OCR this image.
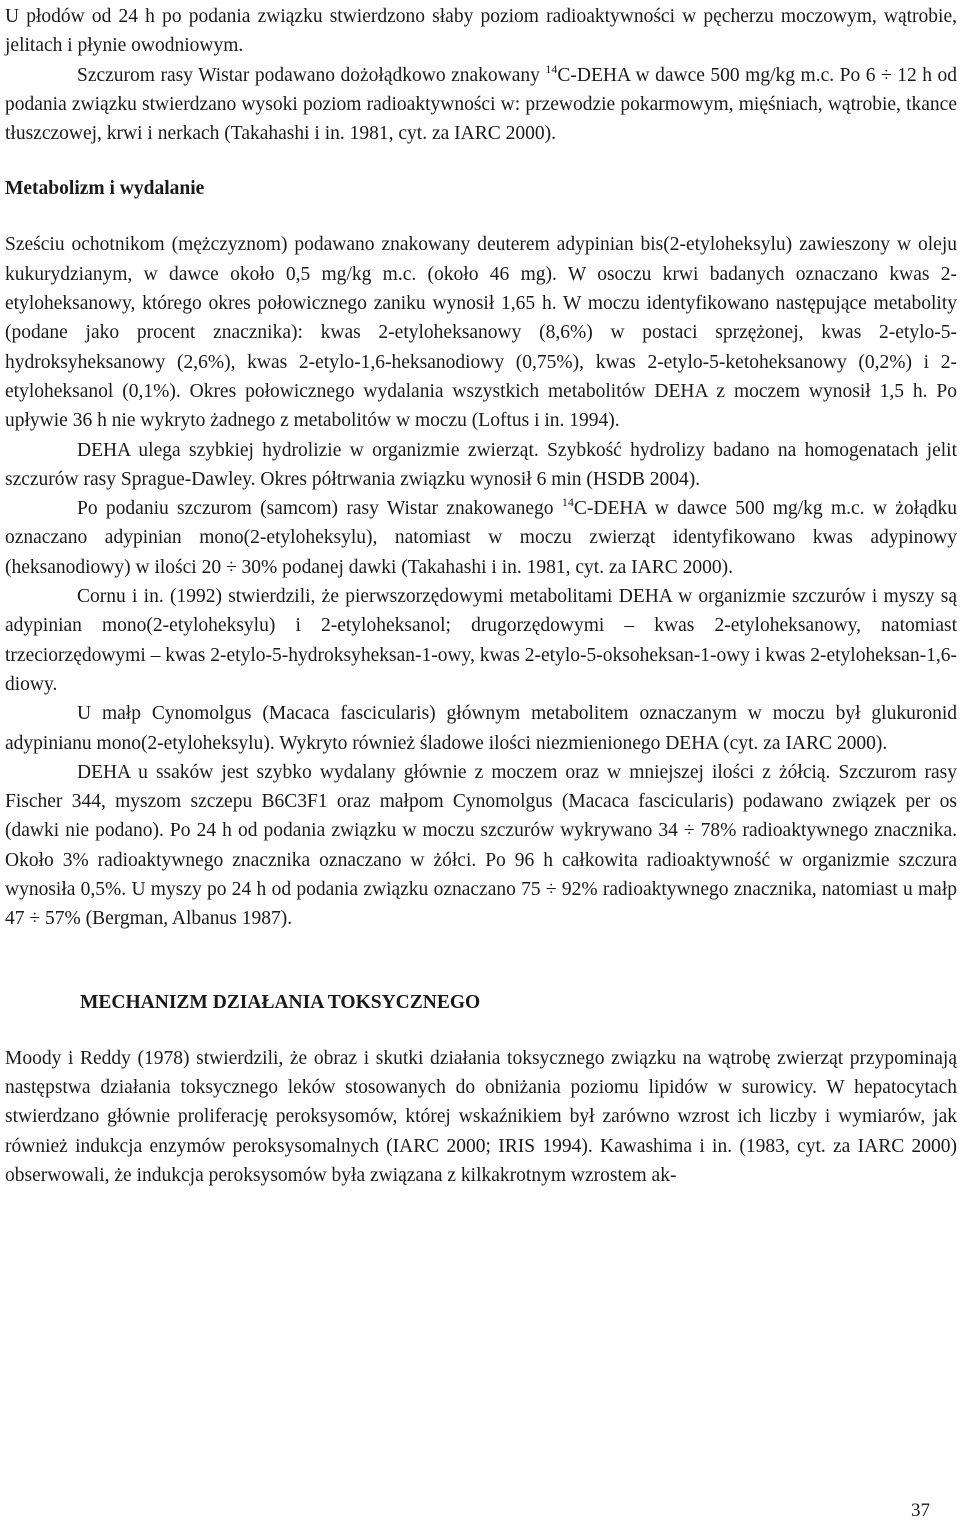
U płodów od 24 h po podania związku stwierdzono słaby poziom radioaktywności w pęcherzu moczowym, wątrobie, jelitach i płynie owodniowym.

Szczurom rasy Wistar podawano dożołądkowo znakowany $^{14}$C-DEHA w dawce 500 mg/kg m.c. Po 6 ÷ 12 h od podania związku stwierdzano wysoki poziom radioaktywności w: przewodzie pokarmowym, mięśniach, wątrobie, tkance tłuszczowej, krwi i nerkach (Takahashi i in. 1981, cyt. za IARC 2000).

Metabolizm i wydalanie

Sześciu ochotnikom (mężczyznom) podawano znakowany deuterem adypinian bis(2-etyloheksylu) zawieszony w oleju kukurydzianym, w dawce około 0,5 mg/kg m.c. (około 46 mg). W osoczu krwi badanych oznaczano kwas 2-etyloheksanowy, którego okres połowicznego zaniku wynosił 1,65 h. W moczu identyfikowano następujące metabolity (podane jako procent znacznika): kwas 2-etyloheksanowy (8,6%) w postaci sprzężonej, kwas 2-etylo-5-hydroksyheksanowy (2,6%), kwas 2-etylo-1,6-heksanodiowy (0,75%), kwas 2-etylo-5-ketoheksanowy (0,2%) i 2-etyloheksanol (0,1%). Okres połowicznego wydalania wszystkich metabolitów DEHA z moczem wynosił 1,5 h. Po upływie 36 h nie wykryto żadnego z metabolitów w moczu (Loftus i in. 1994).

DEHA ulega szybkiej hydrolizie w organizmie zwierząt. Szybkość hydrolizy badano na homogenatach jelit szczurów rasy Sprague-Dawley. Okres półtrwania związku wynosił 6 min (HSDB 2004).

Po podaniu szczurom (samcom) rasy Wistar znakowanego $^{14}$C-DEHA w dawce 500 mg/kg m.c. w żołądku oznaczano adypinian mono(2-etyloheksylu), natomiast w moczu zwierząt identyfikowano kwas adypinowy (heksanodiowy) w ilości 20 ÷ 30% podanej dawki (Takahashi i in. 1981, cyt. za IARC 2000).

Cornu i in. (1992) stwierdzili, że pierwszorzędowymi metabolitami DEHA w organizmie szczurów i myszy są adypinian mono(2-etyloheksylu) i 2-etyloheksanol; drugorzędowymi – kwas 2-etyloheksanowy, natomiast trzeciorzędowymi – kwas 2-etylo-5-hydroksyheksan-1-owy, kwas 2-etylo-5-oksoheksan-1-owy i kwas 2-etyloheksan-1,6-diowy.

U małp Cynomolgus (Macaca fascicularis) głównym metabolitem oznaczanym w moczu był glukuronid adypinianu mono(2-etyloheksylu). Wykryto również śladowe ilości niezmienionego DEHA (cyt. za IARC 2000).

DEHA u ssaków jest szybko wydalany głównie z moczem oraz w mniejszej ilości z żółcią. Szczurom rasy Fischer 344, myszom szczepu B6C3F1 oraz małpom Cynomolgus (Macaca fascicularis) podawano związek per os (dawki nie podano). Po 24 h od podania związku w moczu szczurów wykrywano 34 ÷ 78% radioaktywnego znacznika. Około 3% radioaktywnego znacznika oznaczano w żółci. Po 96 h całkowita radioaktywność w organizmie szczura wynosiła 0,5%. U myszy po 24 h od podania związku oznaczano 75 ÷ 92% radioaktywnego znacznika, natomiast u małp 47 ÷ 57% (Bergman, Albanus 1987).

MECHANIZM DZIAŁANIA TOKSYCZNEGO

Moody i Reddy (1978) stwierdzili, że obraz i skutki działania toksycznego związku na wątrobę zwierząt przypominają następstwa działania toksycznego leków stosowanych do obniżania poziomu lipidów w surowicy. W hepatocytach stwierdzano głównie proliferację peroksysomów, której wskaźnikiem był zarówno wzrost ich liczby i wymiarów, jak również indukcja enzymów peroksysomalnych (IARC 2000; IRIS 1994). Kawashima i in. (1983, cyt. za IARC 2000) obserwowali, że indukcja peroksysomów była związana z kilkakrotnym wzrostem ak-

37
